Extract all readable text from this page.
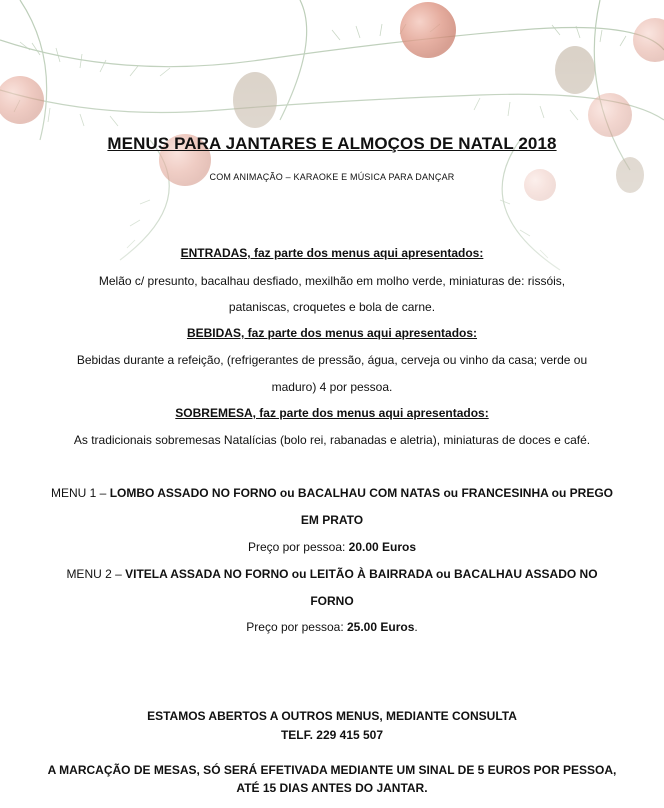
MENUS PARA JANTARES E ALMOÇOS DE NATAL 2018
COM ANIMAÇÃO – KARAOKE E MÚSICA PARA DANÇAR
ENTRADAS, faz parte dos menus aqui apresentados:
Melão c/ presunto, bacalhau desfiado, mexilhão em molho verde, miniaturas de: rissóis,
pataniscas, croquetes e bola de carne.
BEBIDAS, faz parte dos menus aqui apresentados:
Bebidas durante a refeição, (refrigerantes de pressão, água, cerveja ou vinho da casa; verde ou
maduro) 4 por pessoa.
SOBREMESA, faz parte dos menus aqui apresentados:
As tradicionais sobremesas Natalícias (bolo rei, rabanadas e aletria), miniaturas de doces e café.
MENU 1 – LOMBO ASSADO NO FORNO ou BACALHAU COM NATAS ou FRANCESINHA ou PREGO
EM PRATO
Preço por pessoa: 20.00 Euros
MENU 2 – VITELA ASSADA NO FORNO ou LEITÃO À BAIRRADA ou BACALHAU ASSADO NO
FORNO
Preço por pessoa: 25.00 Euros.
ESTAMOS ABERTOS A OUTROS MENUS, MEDIANTE CONSULTA
TELF. 229 415 507
A MARCAÇÃO DE MESAS, SÓ SERÁ EFETIVADA MEDIANTE UM SINAL DE 5 EUROS POR PESSOA,
ATÉ 15 DIAS ANTES DO JANTAR.
